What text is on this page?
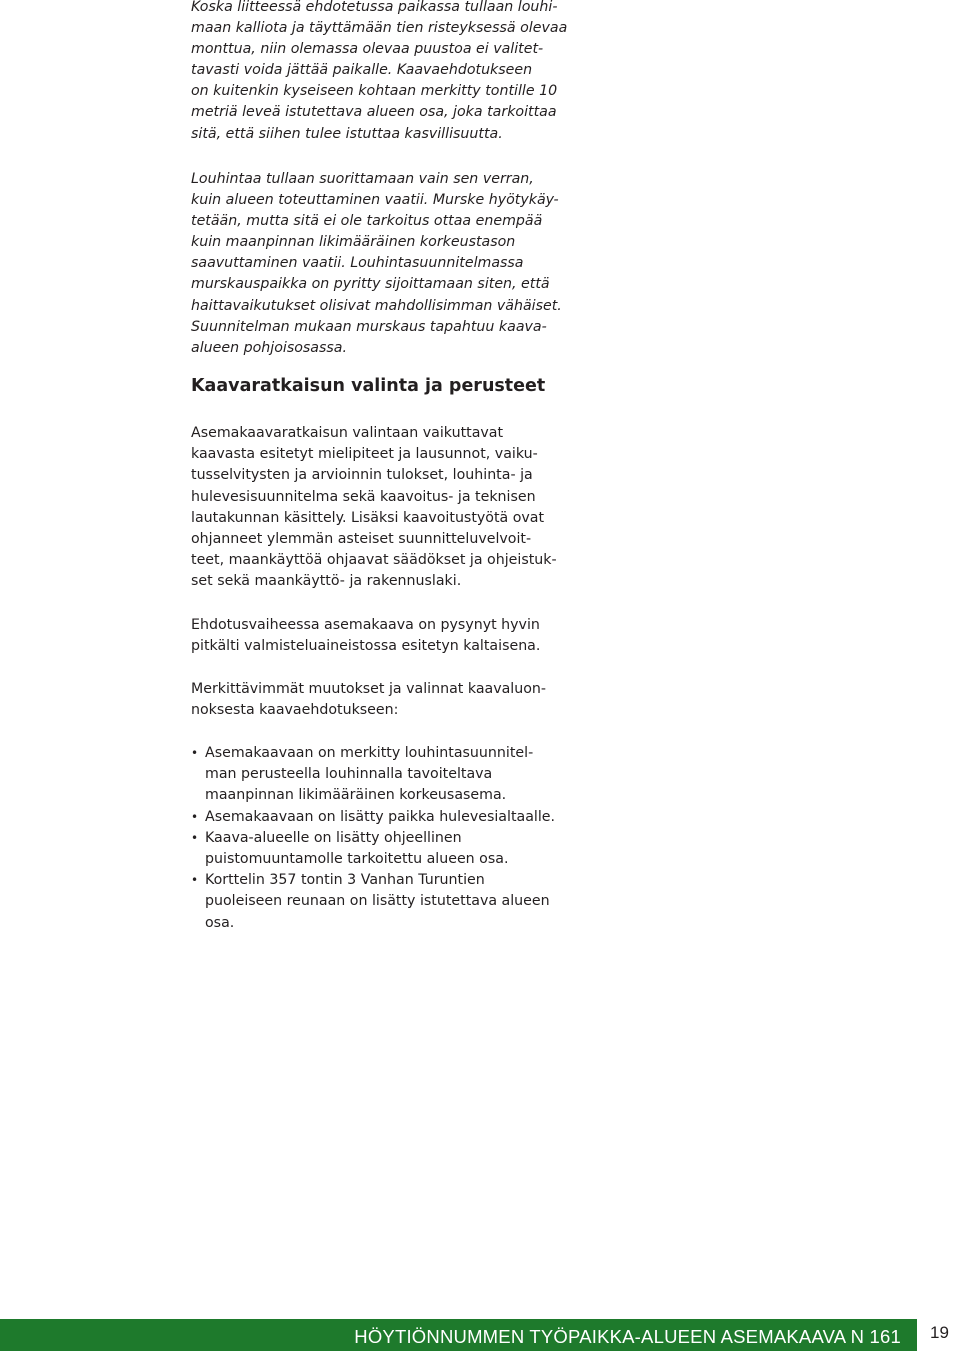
Koska liitteessä ehdotetussa paikassa tullaan louhi-
maan kalliota ja täyttämään tien risteyksessä olevaa
monttua, niin olemassa olevaa puustoa ei valitet-
tavasti voida jättää paikalle. Kaavaehdotukseen
on kuitenkin kyseiseen kohtaan merkitty tontille 10
metriä leveä istutettava alueen osa, joka tarkoittaa
sitä, että siihen tulee istuttaa kasvillisuutta.
Louhintaa tullaan suorittamaan vain sen verran,
kuin alueen toteuttaminen vaatii. Murske hyötykäy-
tetään, mutta sitä ei ole tarkoitus ottaa enempää
kuin maanpinnan likimääräinen korkeustason
saavuttaminen vaatii. Louhintasuunnitelmassa
murskauspaikka on pyritty sijoittamaan siten, että
haittavaikutukset olisivat mahdollisimman vähäiset.
Suunnitelman mukaan murskaus tapahtuu kaava-
alueen pohjoisosassa.
Kaavaratkaisun valinta ja perusteet
Asemakaavaratkaisun valintaan vaikuttavat
kaavasta esitetyt mielipiteet ja lausunnot, vaiku-
tusselvitysten ja arvioinnin tulokset, louhinta- ja
hulevesisuunnitelma sekä kaavoitus- ja teknisen
lautakunnan käsittely. Lisäksi kaavoitustyötä ovat
ohjanneet ylemmän asteiset suunnitteluvelvoit-
teet, maankäyttöä ohjaavat säädökset ja ohjeistuk-
set sekä maankäyttö- ja rakennuslaki.
Ehdotusvaiheessa asemakaava on pysynyt hyvin
pitkälti valmisteluaineistossa esitetyn kaltaisena.
Merkittävimmät muutokset ja valinnat kaavaluon-
noksesta kaavaehdotukseen:
• Asemakaavaan on merkitty louhintasuunnitel-
man perusteella louhinnalla tavoiteltava
maanpinnan likimääräinen korkeusasema.
• Asemakaavaan on lisätty paikka hulevesialtaalle.
• Kaava-alueelle on lisätty ohjeellinen
puistomuuntamolle tarkoitettu alueen osa.
• Korttelin 357 tontin 3 Vanhan Turuntien
puoleiseen reunaan on lisätty istutettava alueen
osa.
HÖYTIÖNNUMMEN TYÖPAIKKA-ALUEEN ASEMAKAAVA N 161 19
